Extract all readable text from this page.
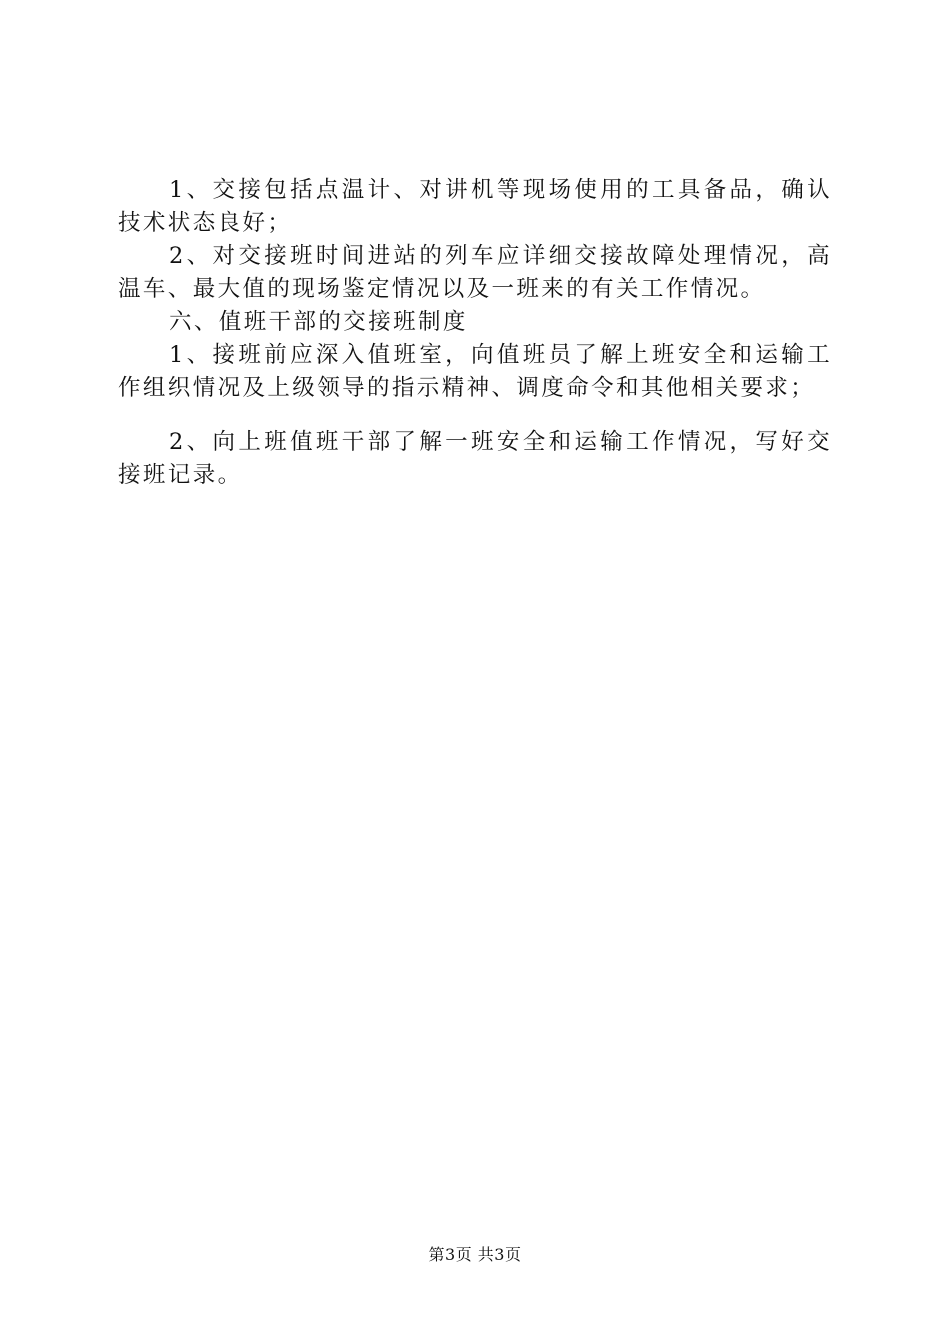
1、交接包括点温计、对讲机等现场使用的工具备品，确认技术状态良好；

2、对交接班时间进站的列车应详细交接故障处理情况，高温车、最大值的现场鉴定情况以及一班来的有关工作情况。

六、值班干部的交接班制度

1、接班前应深入值班室，向值班员了解上班安全和运输工作组织情况及上级领导的指示精神、调度命令和其他相关要求；

2、向上班值班干部了解一班安全和运输工作情况，写好交接班记录。

第3页 共3页
